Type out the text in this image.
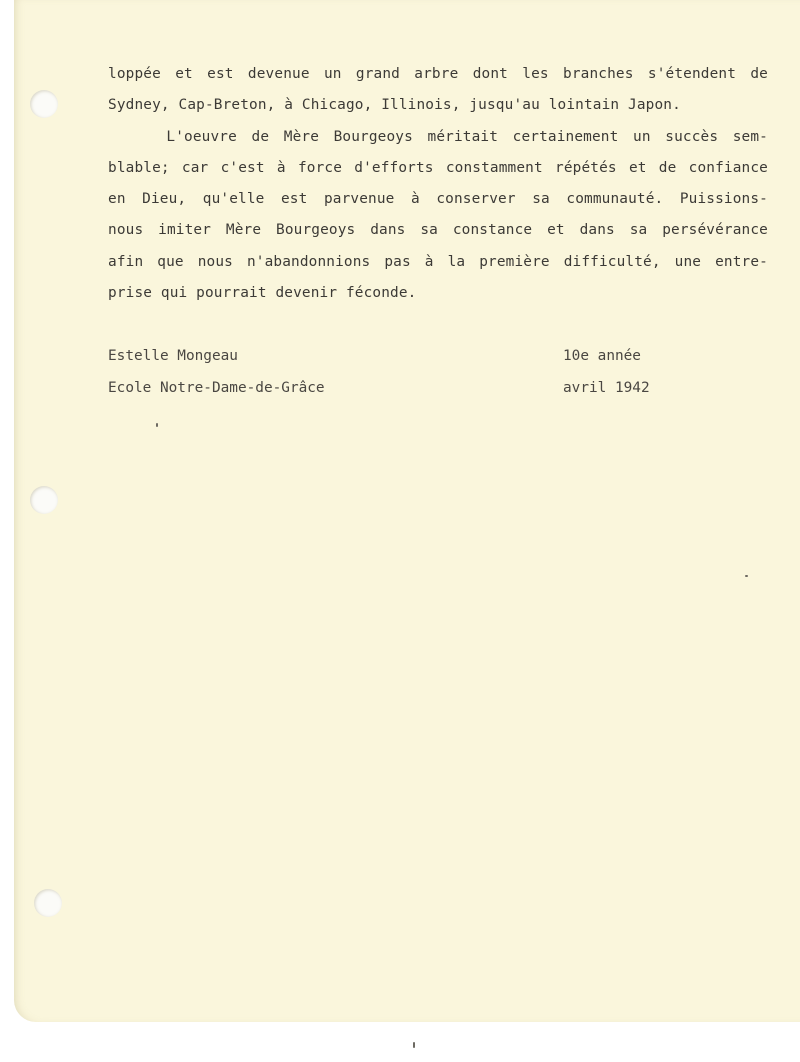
loppée et est devenue un grand arbre dont les branches s'étendent de
Sydney, Cap-Breton, à Chicago, Illinois, jusqu'au lointain Japon.
L'oeuvre de Mère Bourgeoys méritait certainement un succès sem-
blable; car c'est à force d'efforts constamment répétés et de confiance
en Dieu, qu'elle est parvenue à conserver sa communauté. Puissions-
nous imiter Mère Bourgeoys dans sa constance et dans sa persévérance
afin que nous n'abandonnions pas à la première difficulté, une entre-
prise qui pourrait devenir féconde.
Estelle Mongeau
Ecole Notre-Dame-de-Grâce
10e année
avril 1942
